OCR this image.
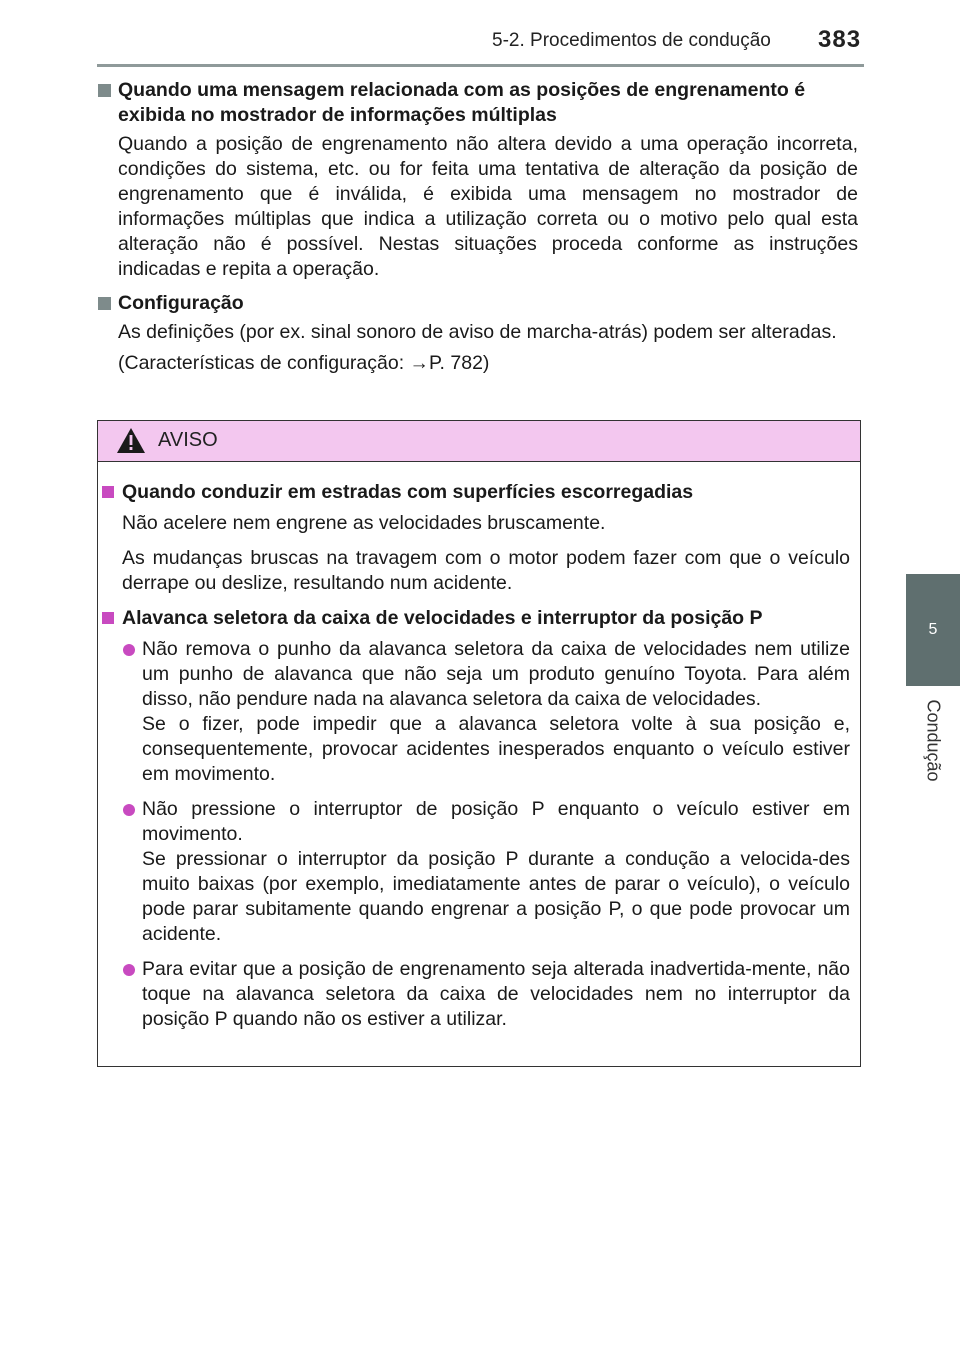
5-2. Procedimentos de condução 383
5
Condução
Quando uma mensagem relacionada com as posições de engrenamento é exibida no mostrador de informações múltiplas
Quando a posição de engrenamento não altera devido a uma operação incorreta, condições do sistema, etc. ou for feita uma tentativa de alteração da posição de engrenamento que é inválida, é exibida uma mensagem no mostrador de informações múltiplas que indica a utilização correta ou o motivo pelo qual esta alteração não é possível. Nestas situações proceda conforme as instruções indicadas e repita a operação.
Configuração
As definições (por ex. sinal sonoro de aviso de marcha-atrás) podem ser alteradas.
(Características de configuração: →P. 782)
AVISO
Quando conduzir em estradas com superfícies escorregadias
Não acelere nem engrene as velocidades bruscamente.
As mudanças bruscas na travagem com o motor podem fazer com que o veículo derrape ou deslize, resultando num acidente.
Alavanca seletora da caixa de velocidades e interruptor da posição P
Não remova o punho da alavanca seletora da caixa de velocidades nem utilize um punho de alavanca que não seja um produto genuíno Toyota. Para além disso, não pendure nada na alavanca seletora da caixa de velocidades.
Se o fizer, pode impedir que a alavanca seletora volte à sua posição e, consequentemente, provocar acidentes inesperados enquanto o veículo estiver em movimento.
Não pressione o interruptor de posição P enquanto o veículo estiver em movimento.
Se pressionar o interruptor da posição P durante a condução a velocida-des muito baixas (por exemplo, imediatamente antes de parar o veículo), o veículo pode parar subitamente quando engrenar a posição P, o que pode provocar um acidente.
Para evitar que a posição de engrenamento seja alterada inadvertida-mente, não toque na alavanca seletora da caixa de velocidades nem no interruptor da posição P quando não os estiver a utilizar.
